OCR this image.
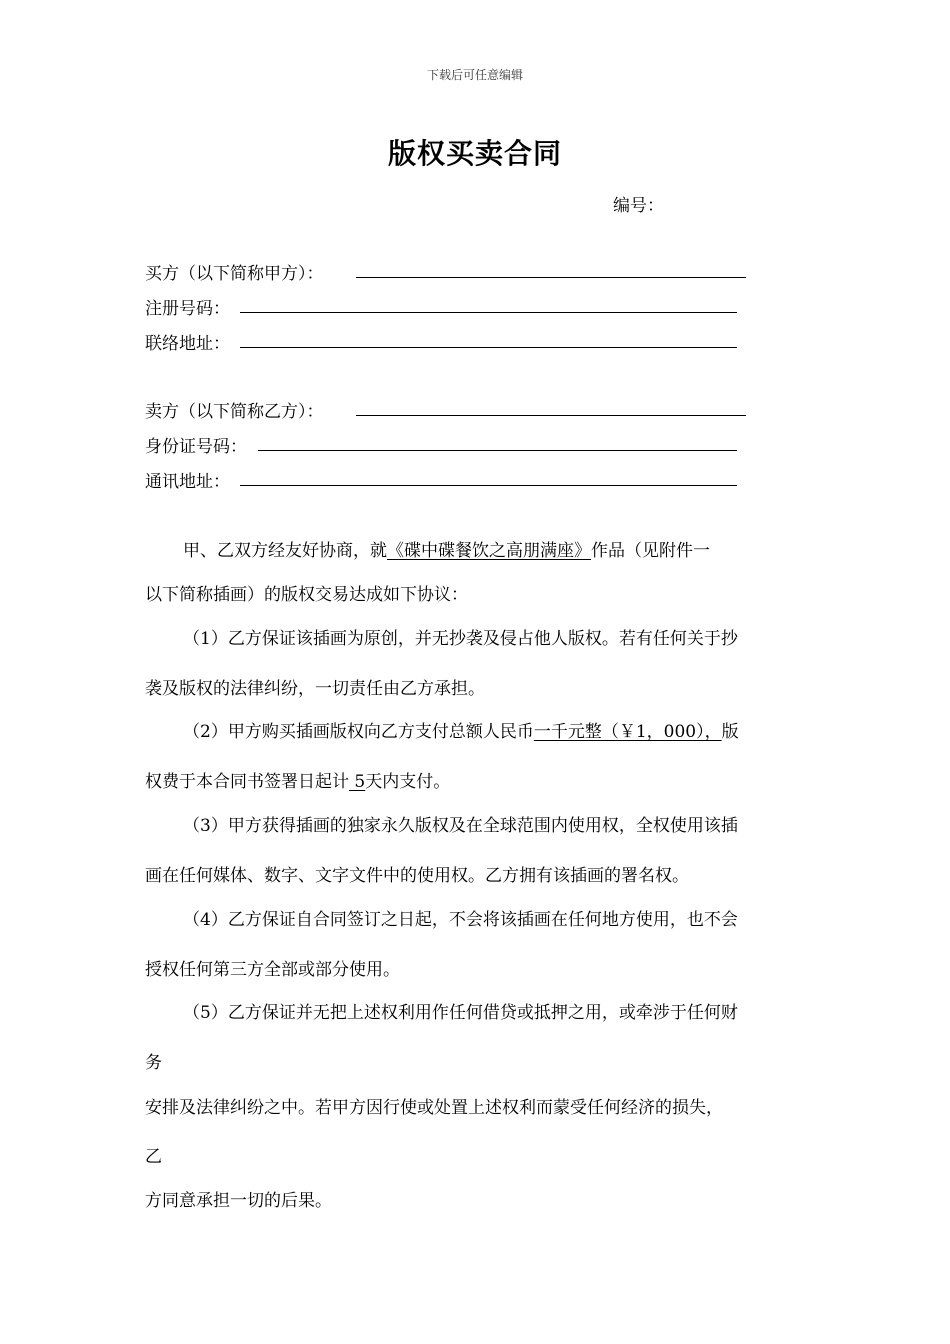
下载后可任意编辑
版权买卖合同
编号：
买方（以下简称甲方）：
注册号码：
联络地址：
卖方（以下简称乙方）：
身份证号码：
通讯地址：
甲、乙双方经友好协商，就《碟中碟餐饮之高朋满座》作品（见附件一
以下简称插画）的版权交易达成如下协议：
（1）乙方保证该插画为原创，并无抄袭及侵占他人版权。若有任何关于抄
袭及版权的法律纠纷，一切责任由乙方承担。
（2）甲方购买插画版权向乙方支付总额人民币一千元整（￥1，000），版
权费于本合同书签署日起计 5天内支付。
（3）甲方获得插画的独家永久版权及在全球范围内使用权，全权使用该插
画在任何媒体、数字、文字文件中的使用权。乙方拥有该插画的署名权。
（4）乙方保证自合同签订之日起，不会将该插画在任何地方使用，也不会
授权任何第三方全部或部分使用。
（5）乙方保证并无把上述权利用作任何借贷或抵押之用，或牵涉于任何财
务
安排及法律纠纷之中。若甲方因行使或处置上述权利而蒙受任何经济的损失，
乙
方同意承担一切的后果。
